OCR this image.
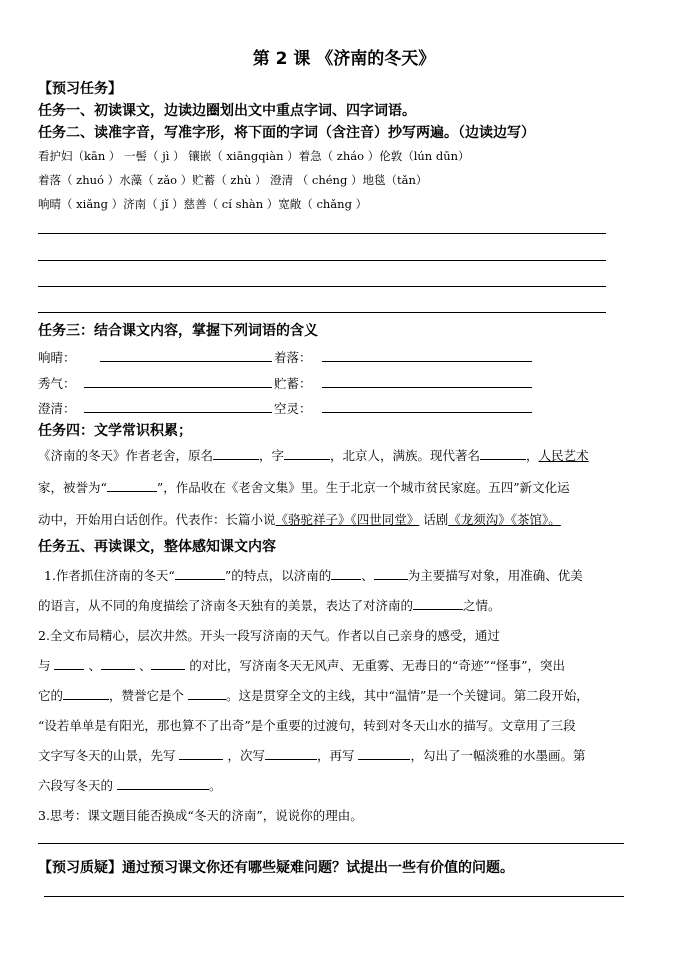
第 2 课 《济南的冬天》
【预习任务】
任务一、初读课文，边读边圈划出文中重点字词、四字词语。
任务二、读准字音，写准字形，将下面的字词（含注音）抄写两遍。（边读边写）
看护妇（kān ） 一髻（ jì ） 镶嵌（ xiāngqiàn ）着急（ zháo ）伦敦（lún dūn）
着落（ zhuó ）水藻（ zǎo ）贮蓄（ zhù ） 澄清 （ chéng ）地毯（tǎn）
响晴（ xiǎng ）济南（ jǐ ）慈善（ cí shàn ）宽敞（ chǎng ）
任务三：结合课文内容，掌握下列词语的含义
响晴：	着落：
秀气：	贮蓄：
澄清：	空灵：
任务四：文学常识积累；
《济南的冬天》作者老舍，原名	，字	，北京人，满族。现代著名	，人民艺术
家，被誉为“	”，作品收在《老舍文集》里。生于北京一个城市贫民家庭。五四”新文化运
动中，开始用白话创作。代表作：长篇小说《骆驼祥子》《四世同堂》 话剧《龙须沟》《茶馆》。
任务五、再读课文，整体感知课文内容
1.作者抓住济南的冬天“	”的特点，以济南的 、	为主要描写对象，用准确、优美
的语言，从不同的角度描绘了济南冬天独有的美景，表达了对济南的	之情。
2.全文布局精心，层次井然。开头一段写济南的天气。作者以自己亲身的感受，通过
与  、	、	的对比，写济南冬天无风声、无重雾、无毒日的“奇迹”“怪事”，突出
它的	，赞誉它是个	。这是贯穿全文的主线，其中“温情”是一个关键词。第二段开始，
“设若单单是有阳光，那也算不了出奇”是个重要的过渡句，转到对冬天山水的描写。文章用了三段
文字写冬天的山景，先写	，次写	，再写	，勾出了一幅淡雅的水墨画。第
六段写冬天的	。
3.思考：课文题目能否换成“冬天的济南”，说说你的理由。
【预习质疑】通过预习课文你还有哪些疑难问题？试提出一些有价值的问题。
